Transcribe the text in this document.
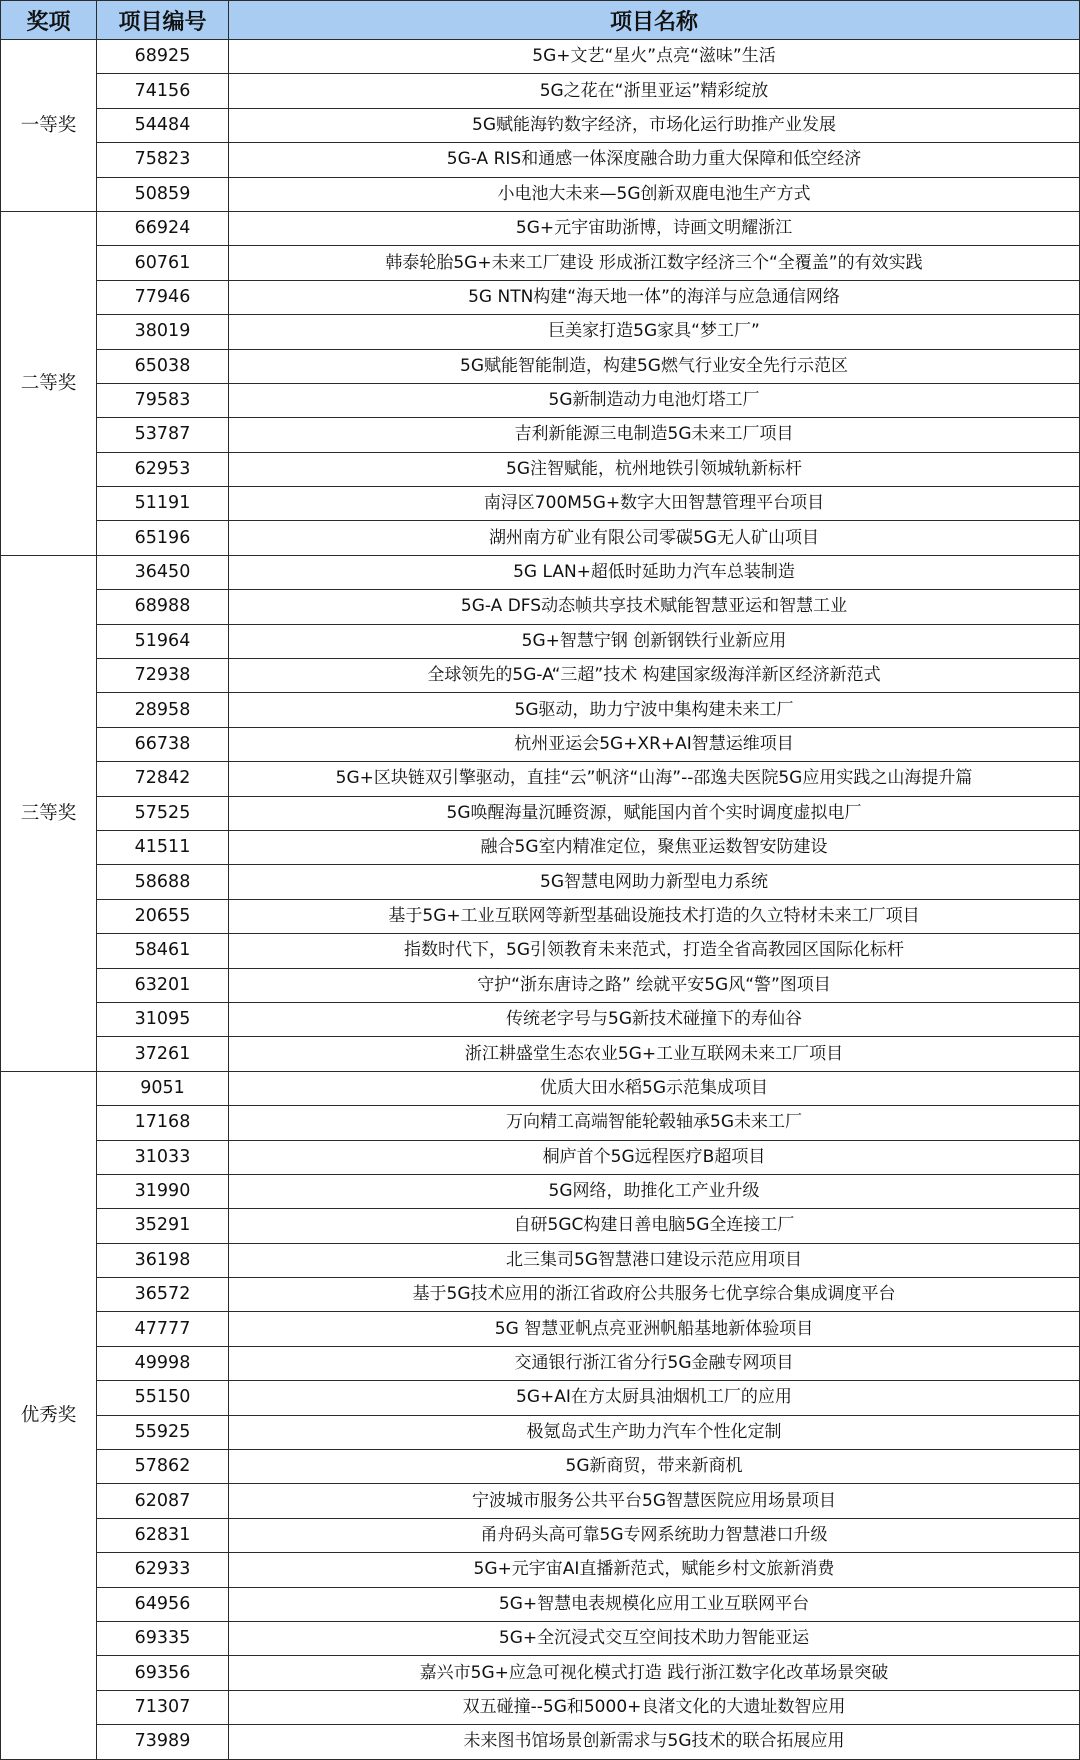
奖项	项目编号	项目名称
一等奖	68925	5G+文艺“星火”点亮“滋味”生活
	74156	5G之花在“浙里亚运”精彩绽放
	54484	5G赋能海钓数字经济，市场化运行助推产业发展
	75823	5G-A RIS和通感一体深度融合助力重大保障和低空经济
	50859	小电池大未来—5G创新双鹿电池生产方式
二等奖	66924	5G+元宇宙助浙博，诗画文明耀浙江
	60761	韩泰轮胎5G+未来工厂建设 形成浙江数字经济三个“全覆盖”的有效实践
	77946	5G NTN构建“海天地一体”的海洋与应急通信网络
	38019	巨美家打造5G家具“梦工厂”
	65038	5G赋能智能制造，构建5G燃气行业安全先行示范区
	79583	5G新制造动力电池灯塔工厂
	53787	吉利新能源三电制造5G未来工厂项目
	62953	5G注智赋能，杭州地铁引领城轨新标杆
	51191	南浔区700M5G+数字大田智慧管理平台项目
	65196	湖州南方矿业有限公司零碳5G无人矿山项目
三等奖	36450	5G LAN+超低时延助力汽车总装制造
	68988	5G-A DFS动态帧共享技术赋能智慧亚运和智慧工业
	51964	5G+智慧宁钢 创新钢铁行业新应用
	72938	全球领先的5G-A“三超”技术 构建国家级海洋新区经济新范式
	28958	5G驱动，助力宁波中集构建未来工厂
	66738	杭州亚运会5G+XR+AI智慧运维项目
	72842	5G+区块链双引擎驱动，直挂“云”帆济“山海”--邵逸夫医院5G应用实践之山海提升篇
	57525	5G唤醒海量沉睡资源，赋能国内首个实时调度虚拟电厂
	41511	融合5G室内精准定位，聚焦亚运数智安防建设
	58688	5G智慧电网助力新型电力系统
	20655	基于5G+工业互联网等新型基础设施技术打造的久立特材未来工厂项目
	58461	指数时代下，5G引领教育未来范式，打造全省高教园区国际化标杆
	63201	守护“浙东唐诗之路” 绘就平安5G风“警”图项目
	31095	传统老字号与5G新技术碰撞下的寿仙谷
	37261	浙江耕盛堂生态农业5G+工业互联网未来工厂项目
优秀奖	9051	优质大田水稻5G示范集成项目
	17168	万向精工高端智能轮毂轴承5G未来工厂
	31033	桐庐首个5G远程医疗B超项目
	31990	5G网络，助推化工产业升级
	35291	自研5GC构建日善电脑5G全连接工厂
	36198	北三集司5G智慧港口建设示范应用项目
	36572	基于5G技术应用的浙江省政府公共服务七优享综合集成调度平台
	47777	5G 智慧亚帆点亮亚洲帆船基地新体验项目
	49998	交通银行浙江省分行5G金融专网项目
	55150	5G+AI在方太厨具油烟机工厂的应用
	55925	极氪岛式生产助力汽车个性化定制
	57862	5G新商贸，带来新商机
	62087	宁波城市服务公共平台5G智慧医院应用场景项目
	62831	甬舟码头高可靠5G专网系统助力智慧港口升级
	62933	5G+元宇宙AI直播新范式，赋能乡村文旅新消费
	64956	5G+智慧电表规模化应用工业互联网平台
	69335	5G+全沉浸式交互空间技术助力智能亚运
	69356	嘉兴市5G+应急可视化模式打造 践行浙江数字化改革场景突破
	71307	双五碰撞--5G和5000+良渚文化的大遗址数智应用
	73989	未来图书馆场景创新需求与5G技术的联合拓展应用
